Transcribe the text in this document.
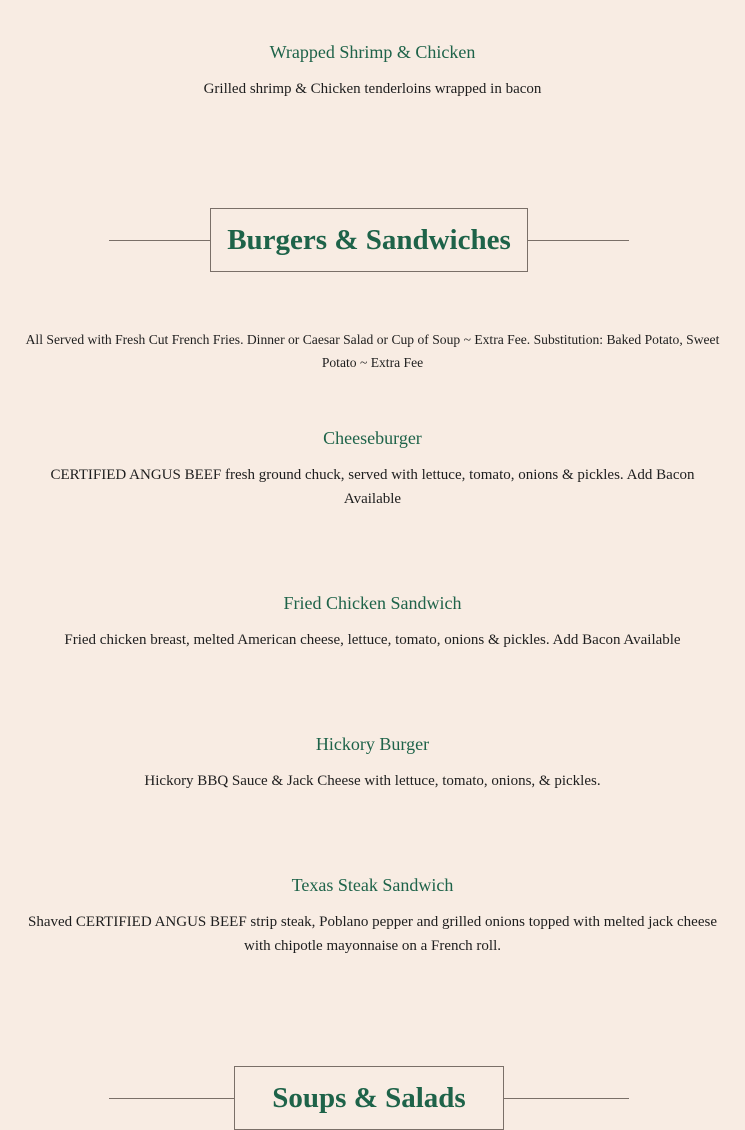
Wrapped Shrimp & Chicken

Grilled shrimp & Chicken tenderloins wrapped in bacon

Burgers & Sandwiches

All Served with Fresh Cut French Fries. Dinner or Caesar Salad or Cup of Soup ~ Extra Fee. Substitution: Baked Potato, Sweet Potato ~ Extra Fee

Cheeseburger

CERTIFIED ANGUS BEEF fresh ground chuck, served with lettuce, tomato, onions & pickles. Add Bacon Available

Fried Chicken Sandwich

Fried chicken breast, melted American cheese, lettuce, tomato, onions & pickles. Add Bacon Available

Hickory Burger

Hickory BBQ Sauce & Jack Cheese with lettuce, tomato, onions, & pickles.

Texas Steak Sandwich

Shaved CERTIFIED ANGUS BEEF strip steak, Poblano pepper and grilled onions topped with melted jack cheese with chipotle mayonnaise on a French roll.

Soups & Salads
